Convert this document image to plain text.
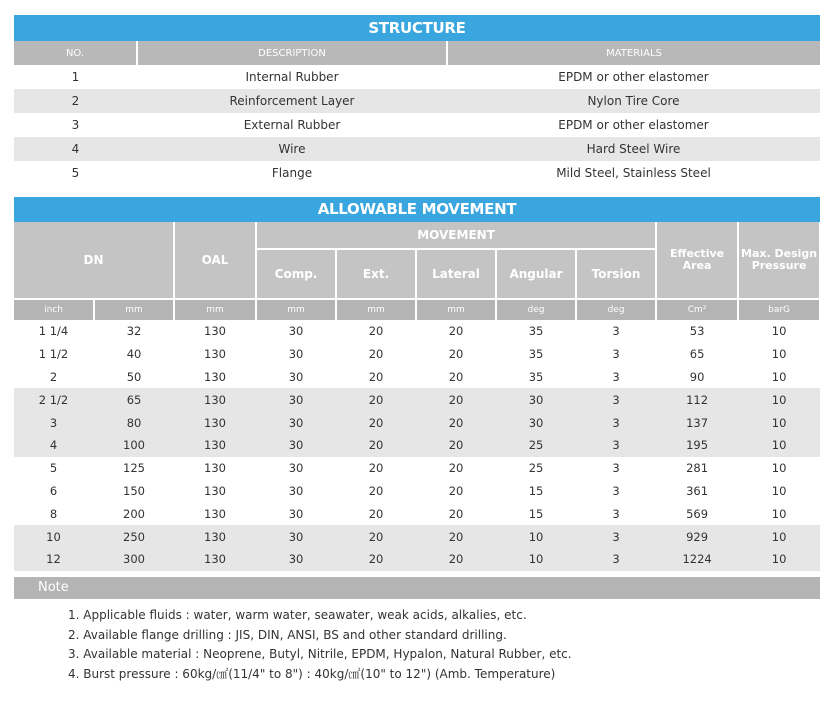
STRUCTURE
NO.	DESCRIPTION	MATERIALS
1	Internal Rubber	EPDM or other elastomer
2	Reinforcement Layer	Nylon Tire Core
3	External Rubber	EPDM or other elastomer
4	Wire	Hard Steel Wire
5	Flange	Mild Steel, Stainless Steel
ALLOWABLE MOVEMENT
DN		OAL	MOVEMENT					Effective Area	Max. Design Pressure
			Comp.	Ext.	Lateral	Angular	Torsion		
inch	mm	mm	mm	mm	mm	deg	deg	Cm²	barG
1 1/4	32	130	30	20	20	35	3	53	10
1 1/2	40	130	30	20	20	35	3	65	10
2	50	130	30	20	20	35	3	90	10
2 1/2	65	130	30	20	20	30	3	112	10
3	80	130	30	20	20	30	3	137	10
4	100	130	30	20	20	25	3	195	10
5	125	130	30	20	20	25	3	281	10
6	150	130	30	20	20	15	3	361	10
8	200	130	30	20	20	15	3	569	10
10	250	130	30	20	20	10	3	929	10
12	300	130	30	20	20	10	3	1224	10
Note
1. Applicable fluids : water, warm water, seawater, weak acids, alkalies, etc.
2. Available flange drilling : JIS, DIN, ANSI, BS and other standard drilling.
3. Available material : Neoprene, Butyl, Nitrile, EPDM, Hypalon, Natural Rubber, etc.
4. Burst pressure : 60kg/㎠(11/4" to 8") : 40kg/㎠(10" to 12") (Amb. Temperature)
